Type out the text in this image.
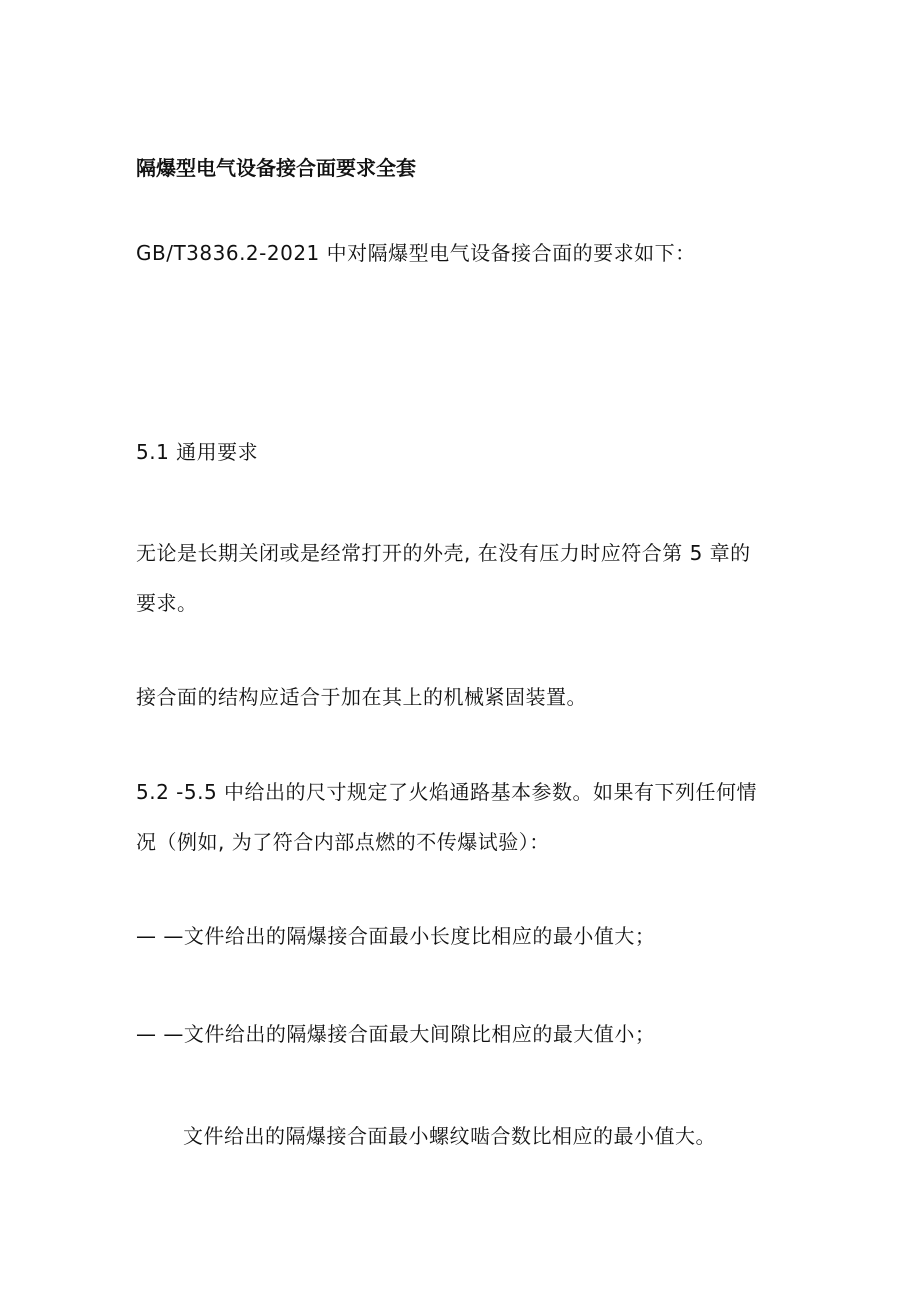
隔爆型电气设备接合面要求全套
GB/T3836.2-2021 中对隔爆型电气设备接合面的要求如下：
5.1 通用要求
无论是长期关闭或是经常打开的外壳, 在没有压力时应符合第 5 章的
要求。
接合面的结构应适合于加在其上的机械紧固装置。
5.2 -5.5 中给出的尺寸规定了火焰通路基本参数。如果有下列任何情
况（例如, 为了符合内部点燃的不传爆试验）：
— —文件给出的隔爆接合面最小长度比相应的最小值大；
— —文件给出的隔爆接合面最大间隙比相应的最大值小；
文件给出的隔爆接合面最小螺纹啮合数比相应的最小值大。
